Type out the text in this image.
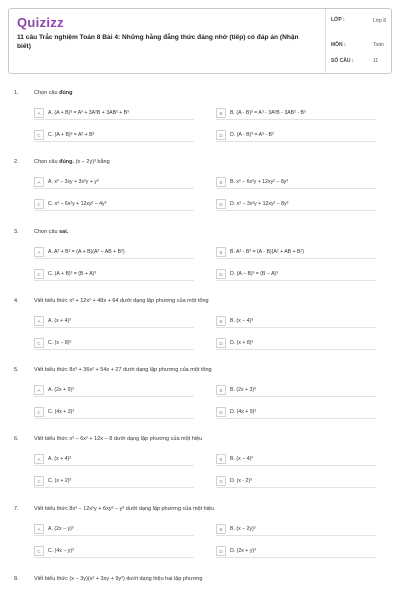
Quizizz
11 câu Trắc nghiệm Toán 8 Bài 4: Những hằng đẳng thức đáng nhớ (tiếp) có đáp án (Nhận biết)
LỚP :	Lớp 8
MÔN :	Toán
SỐ CÂU :	11
1.	Chọn câu đúng
A	A. (A + B)³ = A³ + 3A²B + 3AB² + B³	B	B. (A - B)³ = A³ - 3A²B - 3AB² - B³
C	C. (A + B)³ = A³ + B³	D	D. (A - B)³ = A³ - B³
2.	Chọn câu đúng. (x − 2y)³ bằng
A	A. x³ − 3xy + 3x²y + y³	B	B. x³ − 6x²y + 12xy² − 8y³
C	C. x³ − 6x²y + 12xy² − 4y³	D	D. x³ − 3x²y + 12xy² − 8y³
3.	Chọn câu sai.
A	A. A³ + B³ = (A + B)(A² − AB + B²)	B	B. A³ - B³ = (A - B)(A² + AB + B²)
C	C. (A + B)³ = (B + A)³	D	D. (A − B)³ = (B − A)³
4.	Viết biểu thức x³ + 12x² + 48x + 64 dưới dạng lập phương của một tổng
A	A. (x + 4)³	B	B. (x − 4)³
C	C. (x − 8)³	D	D. (x + 8)³
5.	Viết biểu thức 8x³ + 36x² + 54x + 27 dưới dạng lập phương của một tổng
A	A. (2x + 9)³	B	B. (2x + 3)³
C	C. (4x + 3)³	D	D. (4x + 9)³
6.	Viết biểu thức x³ − 6x² + 12x − 8 dưới dạng lập phương của một hiệu
A	A. (x + 4)³	B	B. (x − 4)³
C	C. (x + 2)³	D	D. (x - 2)³
7.	Viết biểu thức 8x³ − 12x²y + 6xy² − y³ dưới dạng lập phương của một hiệu
A	A. (2x − y)³	B	B. (x − 2y)³
C	C. (4x − y)³	D	D. (2x + y)³
8.	Viết biểu thức (x − 3y)(x² + 3xy + 9y²) dưới dạng hiệu hai lập phương
